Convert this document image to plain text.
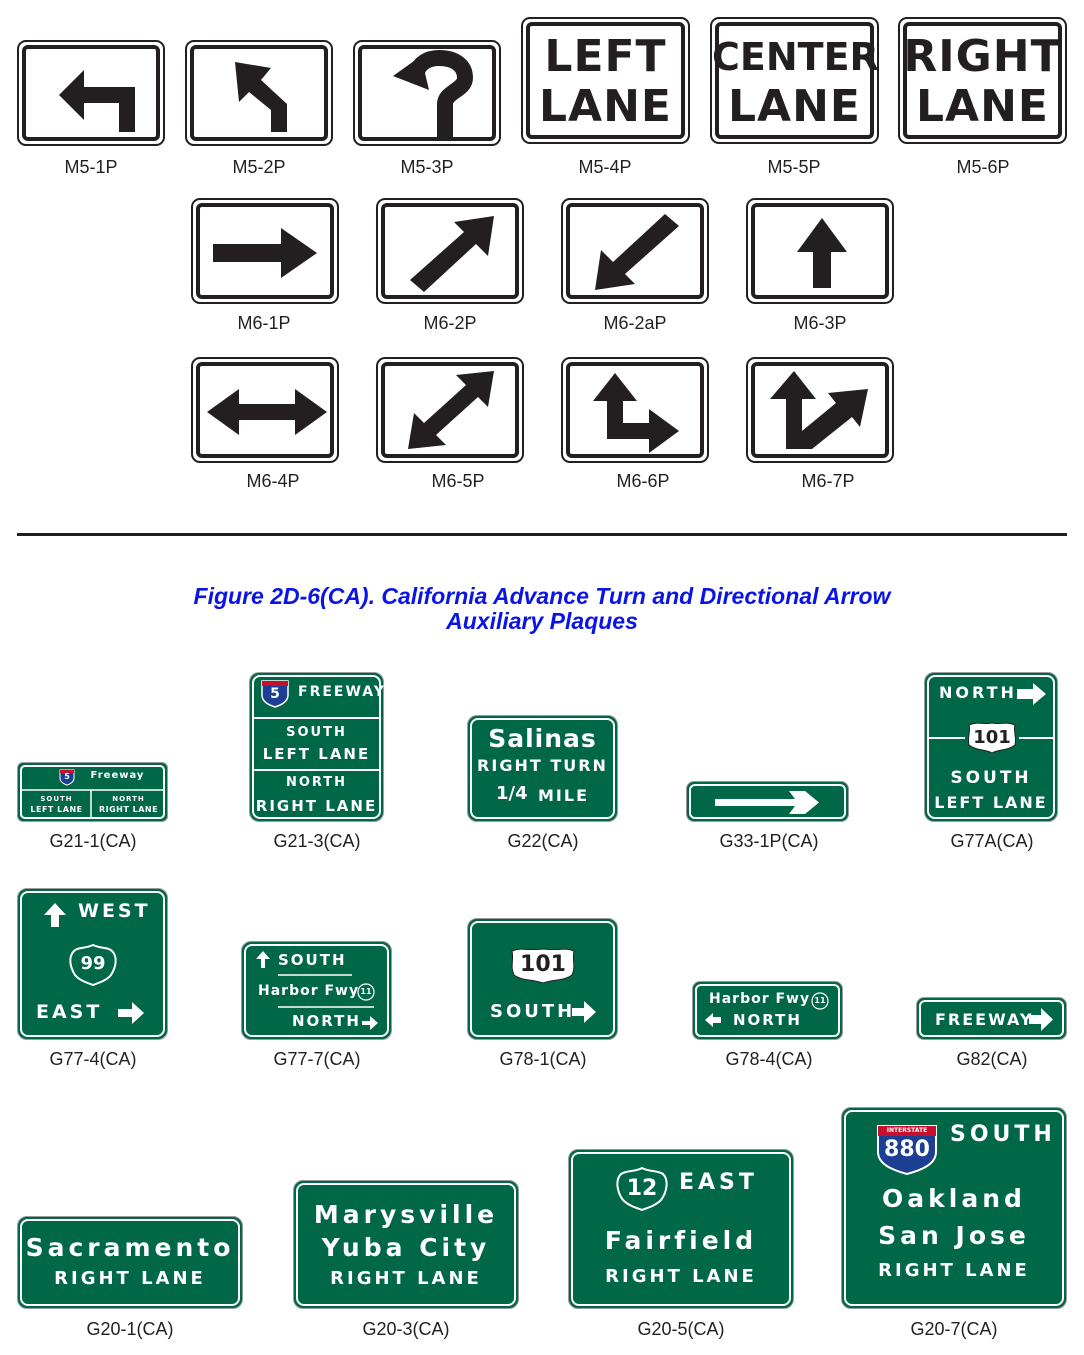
M5-1P	M5-2P	M5-3P
LEFT
LANE
M5-4P
CENTER
LANE
M5-5P
RIGHT
LANE
M5-6P
M6-1P	M6-2P	M6-2aP	M6-3P
M6-4P	M6-5P	M6-6P	M6-7P
Figure 2D-6(CA). California Advance Turn and Directional Arrow
Auxiliary Plaques
5	Freeway
SOUTH
LEFT LANE
NORTH
RIGHT LANE
G21-1(CA)
5	FREEWAY
SOUTH
LEFT LANE
NORTH
RIGHT LANE
G21-3(CA)
Salinas
RIGHT TURN
1/4 MILE
G22(CA)	G33-1P(CA)
NORTH
101
SOUTH
LEFT LANE
G77A(CA)
WEST
99
EAST
G77-4(CA)
SOUTH
Harbor Fwy 11
NORTH
G77-7(CA)
101
SOUTH
G78-1(CA)
Harbor Fwy 11
NORTH
G78-4(CA)
FREEWAY
G82(CA)
Sacramento
RIGHT LANE
G20-1(CA)
Marysville
Yuba City
RIGHT LANE
G20-3(CA)
12 EAST
Fairfield
RIGHT LANE
G20-5(CA)
INTERSTATE
880
SOUTH
Oakland
San Jose
RIGHT LANE
G20-7(CA)
